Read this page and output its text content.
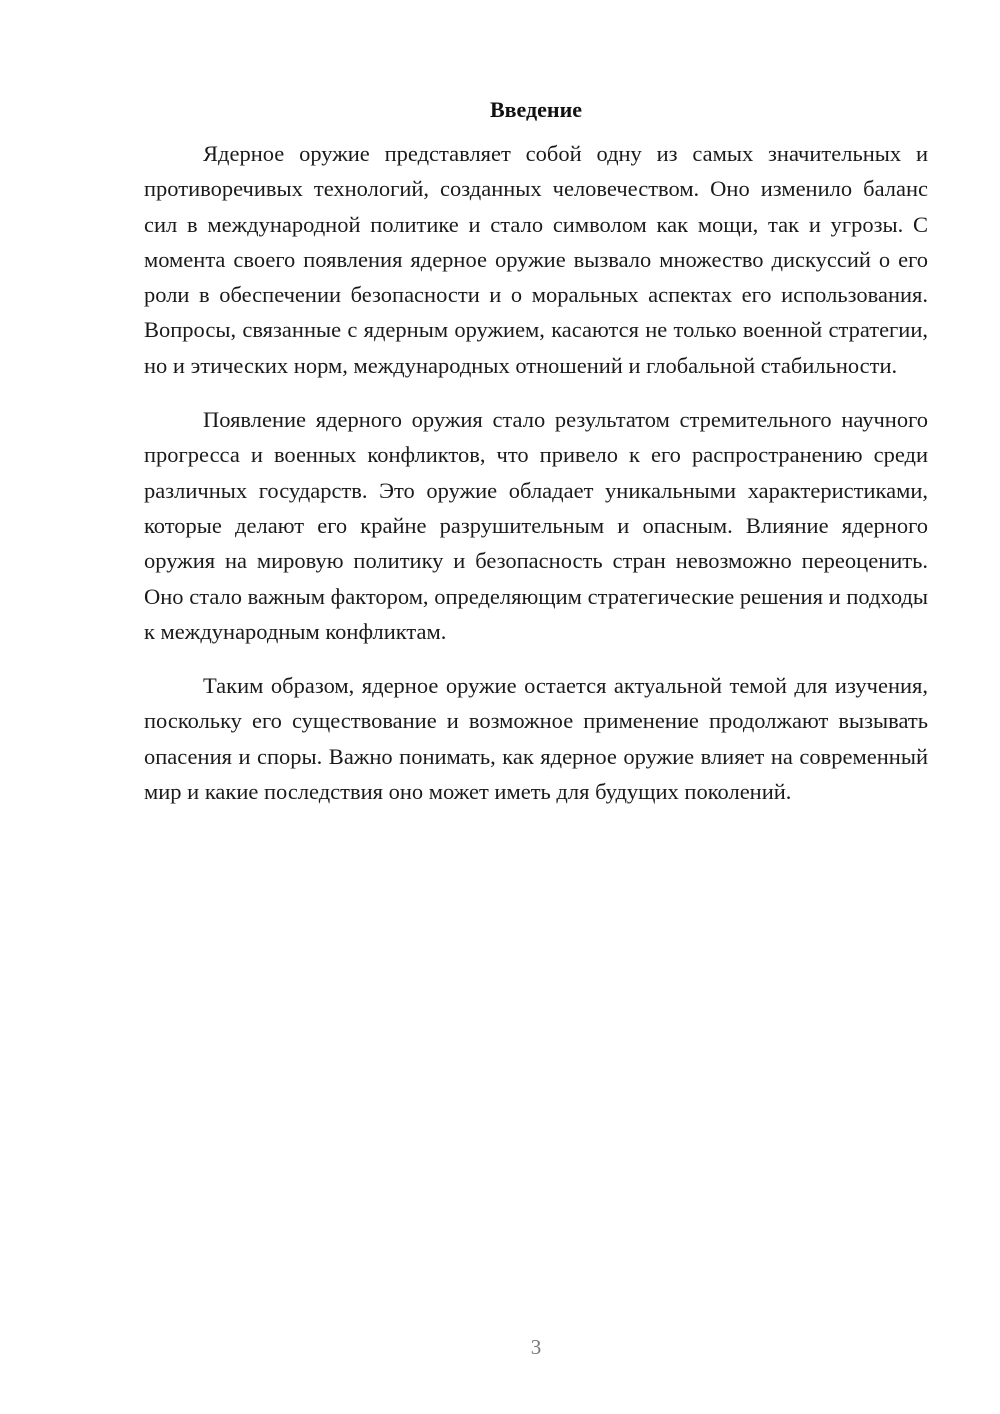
Введение

Ядерное оружие представляет собой одну из самых значительных и противоречивых технологий, созданных человечеством. Оно изменило баланс сил в международной политике и стало символом как мощи, так и угрозы. С момента своего появления ядерное оружие вызвало множество дискуссий о его роли в обеспечении безопасности и о моральных аспектах его использования. Вопросы, связанные с ядерным оружием, касаются не только военной стратегии, но и этических норм, международных отношений и глобальной стабильности.

Появление ядерного оружия стало результатом стремительного научного прогресса и военных конфликтов, что привело к его распространению среди различных государств. Это оружие обладает уникальными характеристиками, которые делают его крайне разрушительным и опасным. Влияние ядерного оружия на мировую политику и безопасность стран невозможно переоценить. Оно стало важным фактором, определяющим стратегические решения и подходы к международным конфликтам.

Таким образом, ядерное оружие остается актуальной темой для изучения, поскольку его существование и возможное применение продолжают вызывать опасения и споры. Важно понимать, как ядерное оружие влияет на современный мир и какие последствия оно может иметь для будущих поколений.

3
